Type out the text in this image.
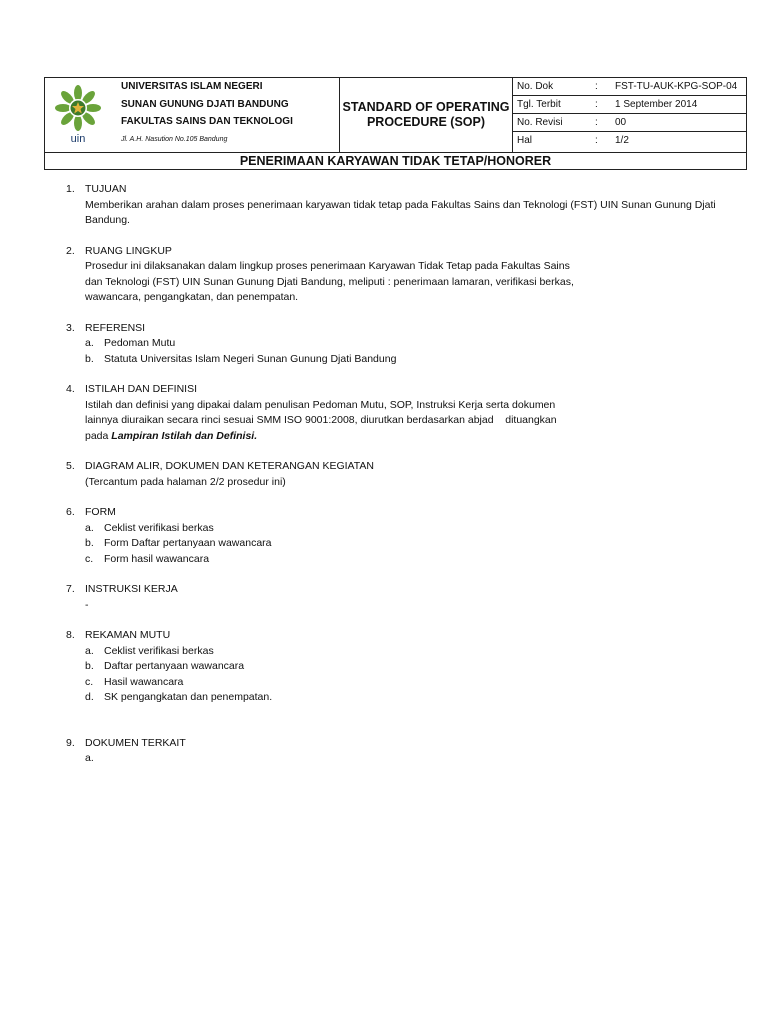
uin
UNIVERSITAS ISLAM NEGERI
SUNAN GUNUNG DJATI BANDUNG
FAKULTAS SAINS DAN TEKNOLOGI
Jl. A.H. Nasution No.105 Bandung
STANDARD OF OPERATING
PROCEDURE (SOP)
No. Dok	: FST-TU-AUK-KPG-SOP-04
Tgl. Terbit	: 1 September 2014
No. Revisi	: 00
Hal	: 1/2
PENERIMAAN KARYAWAN TIDAK TETAP/HONORER
1. TUJUAN
Memberikan arahan dalam proses penerimaan karyawan tidak tetap pada Fakultas Sains dan Teknologi (FST) UIN Sunan Gunung Djati Bandung.
2. RUANG LINGKUP
Prosedur ini dilaksanakan dalam lingkup proses penerimaan Karyawan Tidak Tetap pada Fakultas Sains
dan Teknologi (FST) UIN Sunan Gunung Djati Bandung, meliputi : penerimaan lamaran, verifikasi berkas,
wawancara, pengangkatan, dan penempatan.
3. REFERENSI
a. Pedoman Mutu
b. Statuta Universitas Islam Negeri Sunan Gunung Djati Bandung
4. ISTILAH DAN DEFINISI
Istilah dan definisi yang dipakai dalam penulisan Pedoman Mutu, SOP, Instruksi Kerja serta dokumen
lainnya diuraikan secara rinci sesuai SMM ISO 9001:2008, diurutkan berdasarkan abjad    dituangkan
pada Lampiran Istilah dan Definisi.
5. DIAGRAM ALIR, DOKUMEN DAN KETERANGAN KEGIATAN
(Tercantum pada halaman 2/2 prosedur ini)
6. FORM
a. Ceklist verifikasi berkas
b. Form Daftar pertanyaan wawancara
c. Form hasil wawancara
7. INSTRUKSI KERJA
-
8. REKAMAN MUTU
a. Ceklist verifikasi berkas
b. Daftar pertanyaan wawancara
c. Hasil wawancara
d. SK pengangkatan dan penempatan.
9. DOKUMEN TERKAIT
a.
